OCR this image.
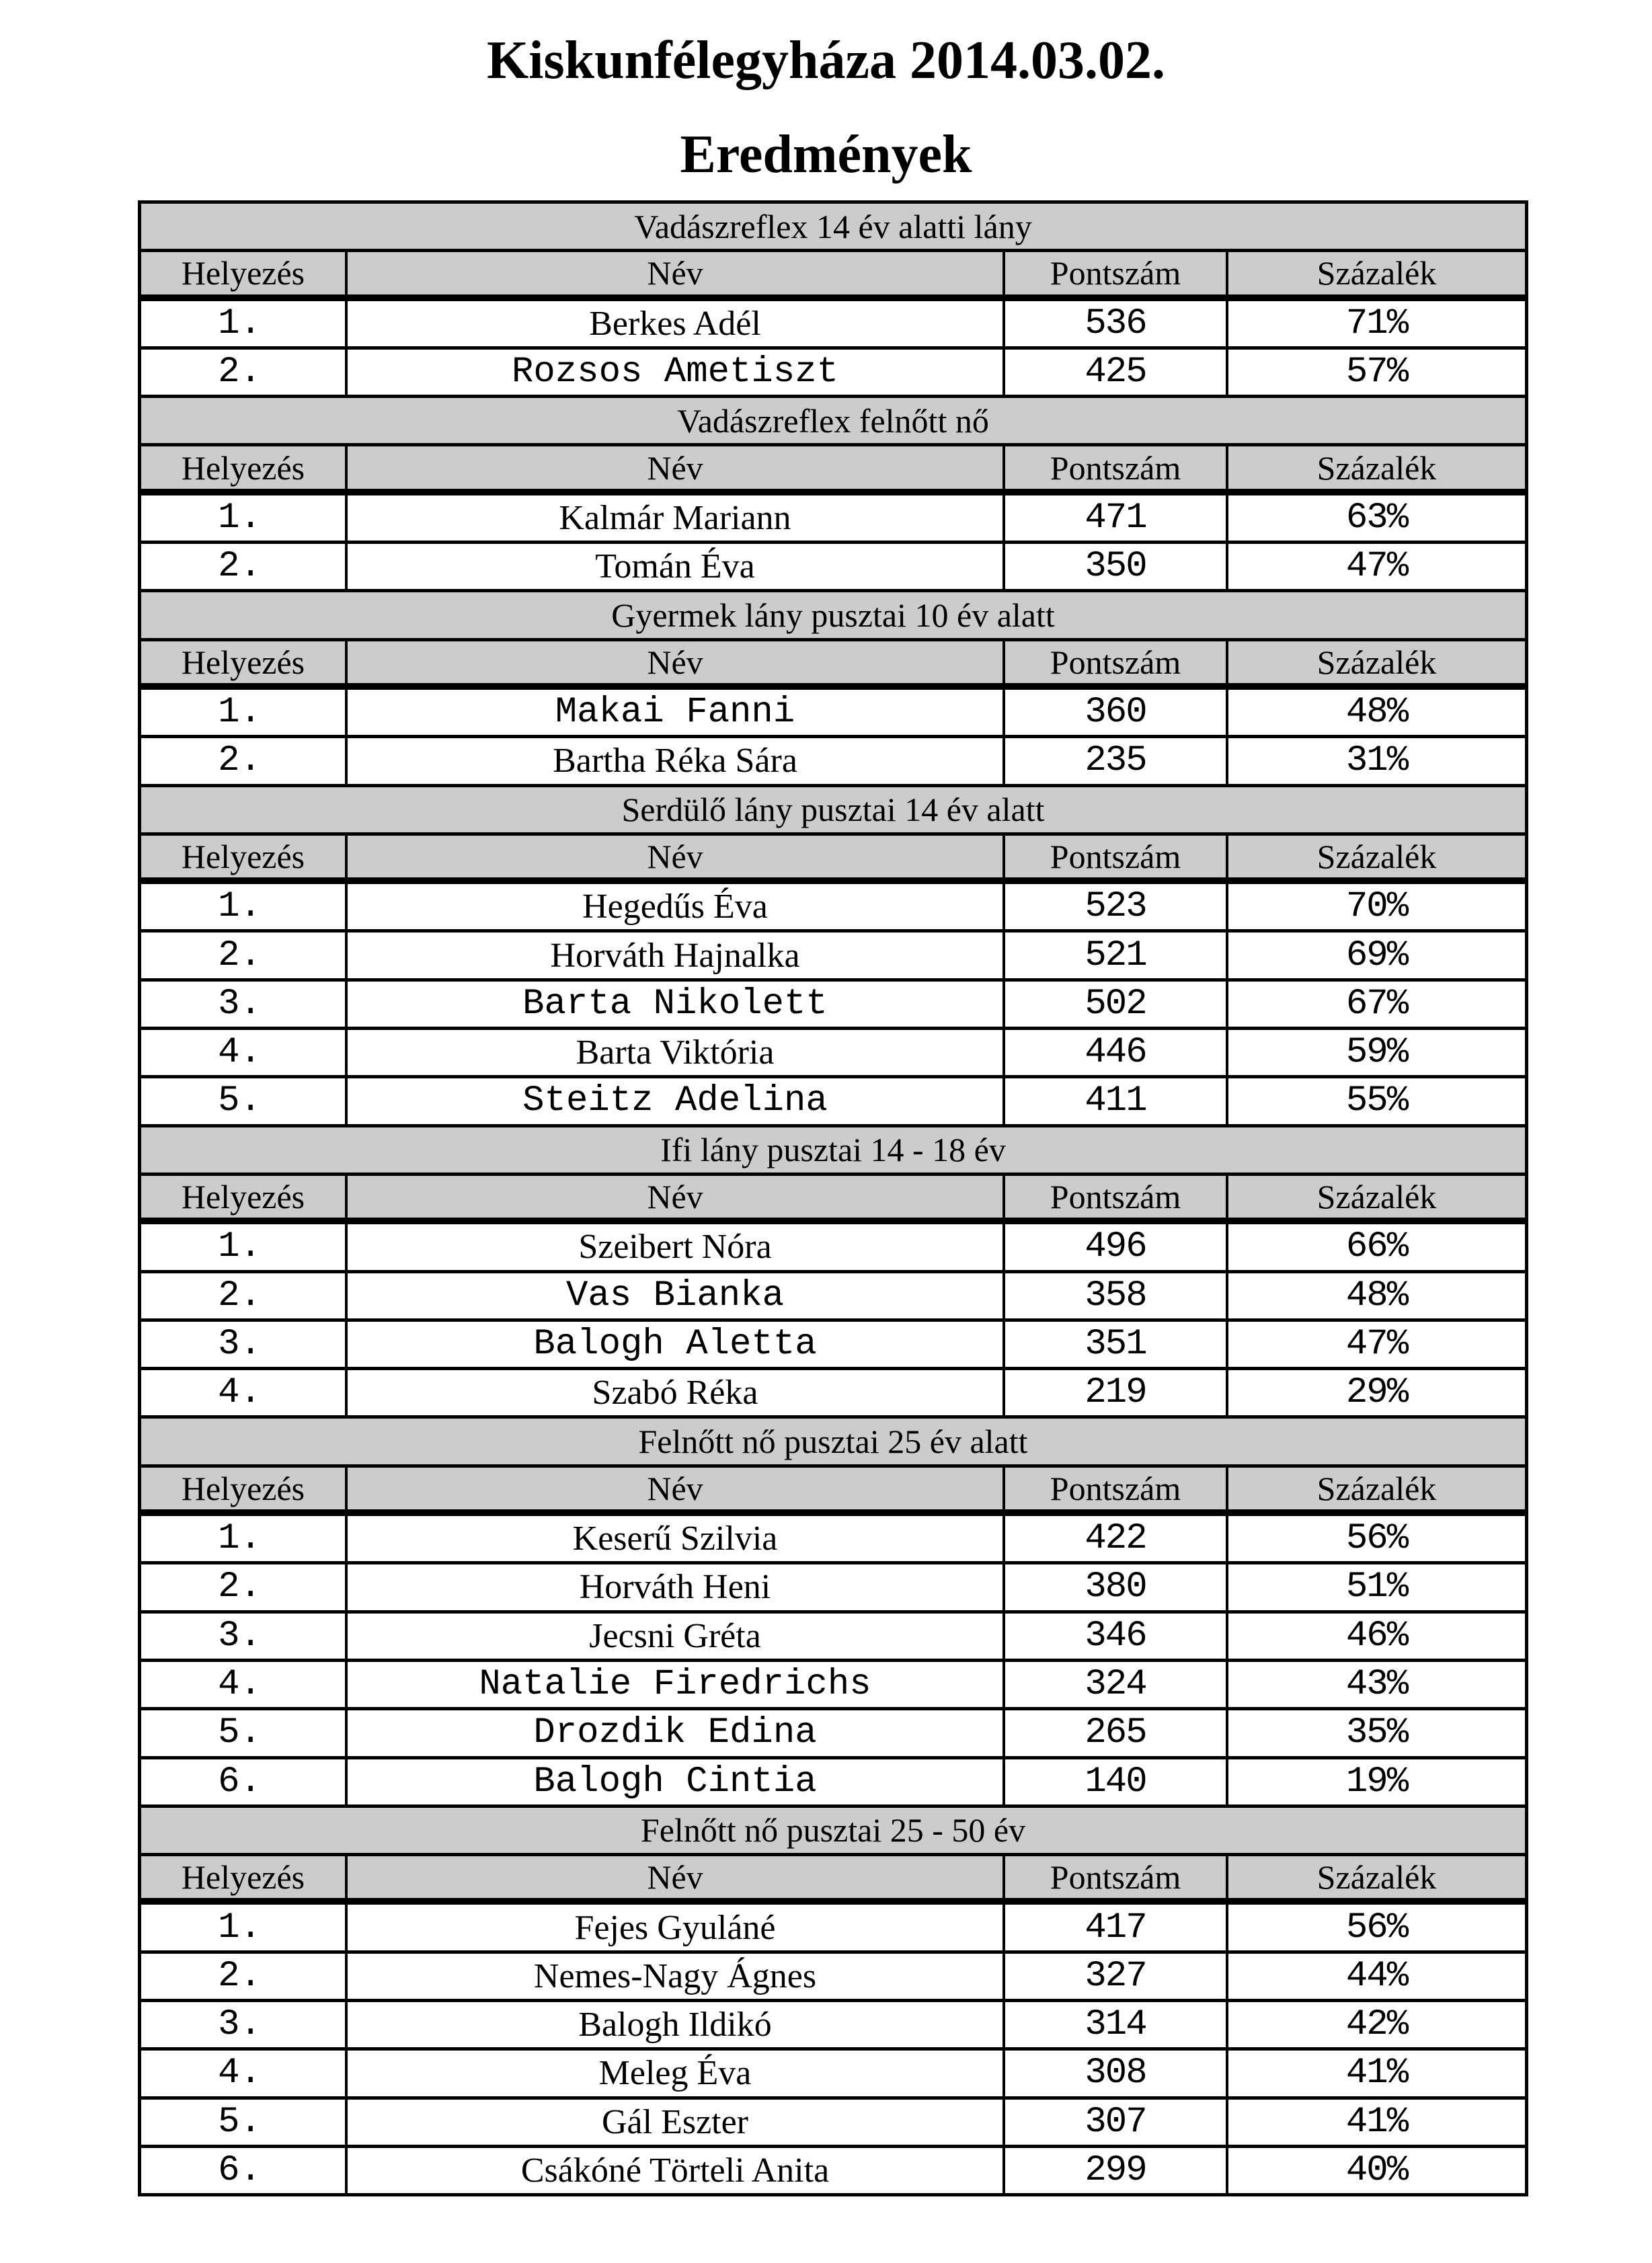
Kiskunfélegyháza 2014.03.02.
Eredmények
Vadászreflex 14 év alatti lány
Helyezés	Név	Pontszám	Százalék
1.	Berkes Adél	536	71%
2.	Rozsos Ametiszt	425	57%
Vadászreflex felnőtt nő
Helyezés	Név	Pontszám	Százalék
1.	Kalmár Mariann	471	63%
2.	Tomán Éva	350	47%
Gyermek lány pusztai 10 év alatt
Helyezés	Név	Pontszám	Százalék
1.	Makai Fanni	360	48%
2.	Bartha Réka Sára	235	31%
Serdülő lány pusztai 14 év alatt
Helyezés	Név	Pontszám	Százalék
1.	Hegedűs Éva	523	70%
2.	Horváth Hajnalka	521	69%
3.	Barta Nikolett	502	67%
4.	Barta Viktória	446	59%
5.	Steitz Adelina	411	55%
Ifi lány pusztai 14 - 18 év
Helyezés	Név	Pontszám	Százalék
1.	Szeibert Nóra	496	66%
2.	Vas Bianka	358	48%
3.	Balogh Aletta	351	47%
4.	Szabó Réka	219	29%
Felnőtt nő pusztai 25 év alatt
Helyezés	Név	Pontszám	Százalék
1.	Keserű Szilvia	422	56%
2.	Horváth Heni	380	51%
3.	Jecsni Gréta	346	46%
4.	Natalie Firedrichs	324	43%
5.	Drozdik Edina	265	35%
6.	Balogh Cintia	140	19%
Felnőtt nő pusztai 25 - 50 év
Helyezés	Név	Pontszám	Százalék
1.	Fejes Gyuláné	417	56%
2.	Nemes-Nagy Ágnes	327	44%
3.	Balogh Ildikó	314	42%
4.	Meleg Éva	308	41%
5.	Gál Eszter	307	41%
6.	Csákóné Törteli Anita	299	40%
